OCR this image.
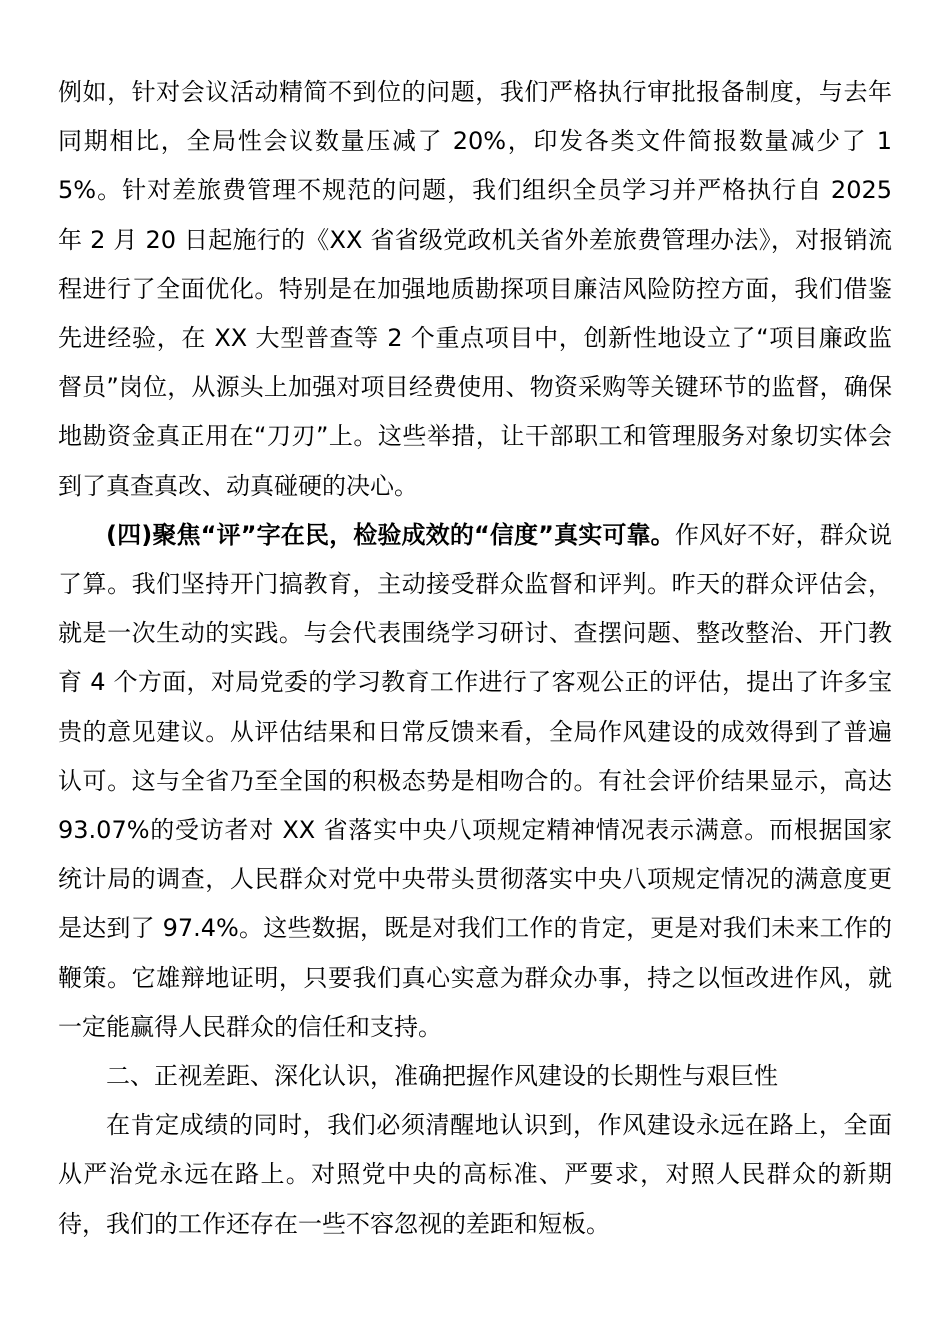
例如，针对会议活动精简不到位的问题，我们严格执行审批报备制度，与去年同期相比，全局性会议数量压减了 20%，印发各类文件简报数量减少了 15%。针对差旅费管理不规范的问题，我们组织全员学习并严格执行自 2025 年 2 月 20 日起施行的《XX 省省级党政机关省外差旅费管理办法》，对报销流程进行了全面优化。特别是在加强地质勘探项目廉洁风险防控方面，我们借鉴先进经验，在 XX 大型普查等 2 个重点项目中，创新性地设立了“项目廉政监督员”岗位，从源头上加强对项目经费使用、物资采购等关键环节的监督，确保地勘资金真正用在“刀刃”上。这些举措，让干部职工和管理服务对象切实体会到了真查真改、动真碰硬的决心。

(四)聚焦“评”字在民，检验成效的“信度”真实可靠。作风好不好，群众说了算。我们坚持开门搞教育，主动接受群众监督和评判。昨天的群众评估会，就是一次生动的实践。与会代表围绕学习研讨、查摆问题、整改整治、开门教育 4 个方面，对局党委的学习教育工作进行了客观公正的评估，提出了许多宝贵的意见建议。从评估结果和日常反馈来看，全局作风建设的成效得到了普遍认可。这与全省乃至全国的积极态势是相吻合的。有社会评价结果显示，高达 93.07%的受访者对 XX 省落实中央八项规定精神情况表示满意。而根据国家统计局的调查，人民群众对党中央带头贯彻落实中央八项规定情况的满意度更是达到了 97.4%。这些数据，既是对我们工作的肯定，更是对我们未来工作的鞭策。它雄辩地证明，只要我们真心实意为群众办事，持之以恒改进作风，就一定能赢得人民群众的信任和支持。

二、正视差距、深化认识，准确把握作风建设的长期性与艰巨性

在肯定成绩的同时，我们必须清醒地认识到，作风建设永远在路上，全面从严治党永远在路上。对照党中央的高标准、严要求，对照人民群众的新期待，我们的工作还存在一些不容忽视的差距和短板。
